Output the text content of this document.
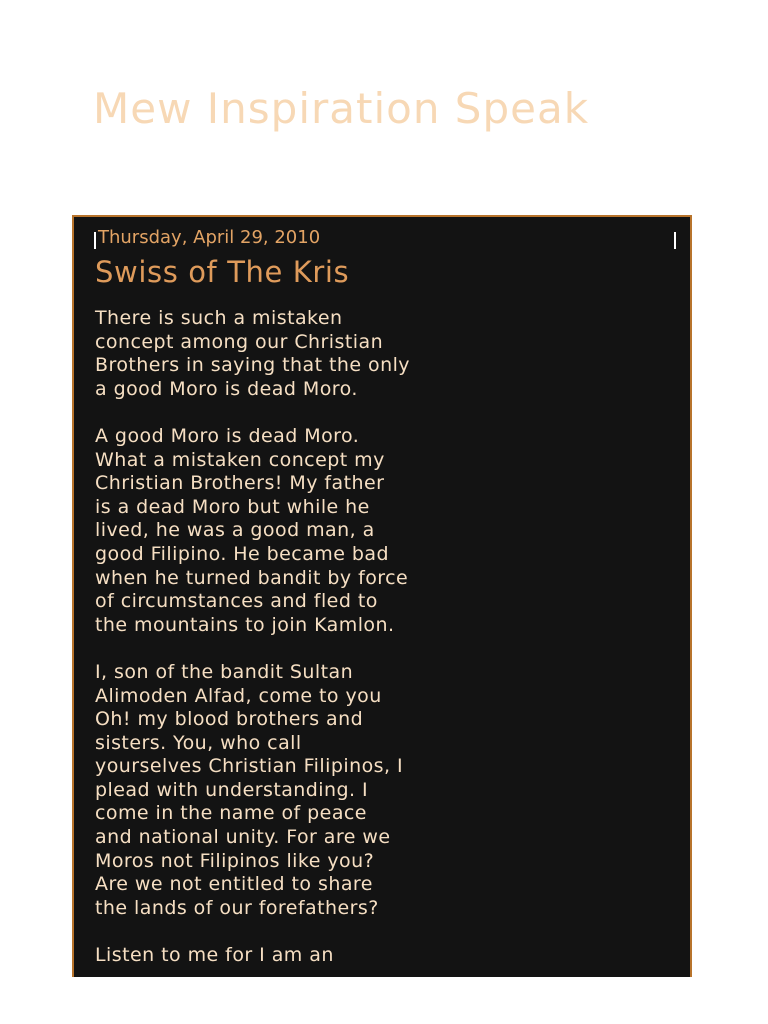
Mew Inspiration Speak
Thursday, April 29, 2010
Swiss of The Kris

There is such a mistaken
concept among our Christian
Brothers in saying that the only
a good Moro is dead Moro.

A good Moro is dead Moro.
What a mistaken concept my
Christian Brothers! My father
is a dead Moro but while he
lived, he was a good man, a
good Filipino. He became bad
when he turned bandit by force
of circumstances and fled to
the mountains to join Kamlon.

I, son of the bandit Sultan
Alimoden Alfad, come to you
Oh! my blood brothers and
sisters. You, who call
yourselves Christian Filipinos, I
plead with understanding. I
come in the name of peace
and national unity. For are we
Moros not Filipinos like you?
Are we not entitled to share
the lands of our forefathers?

Listen to me for I am an
